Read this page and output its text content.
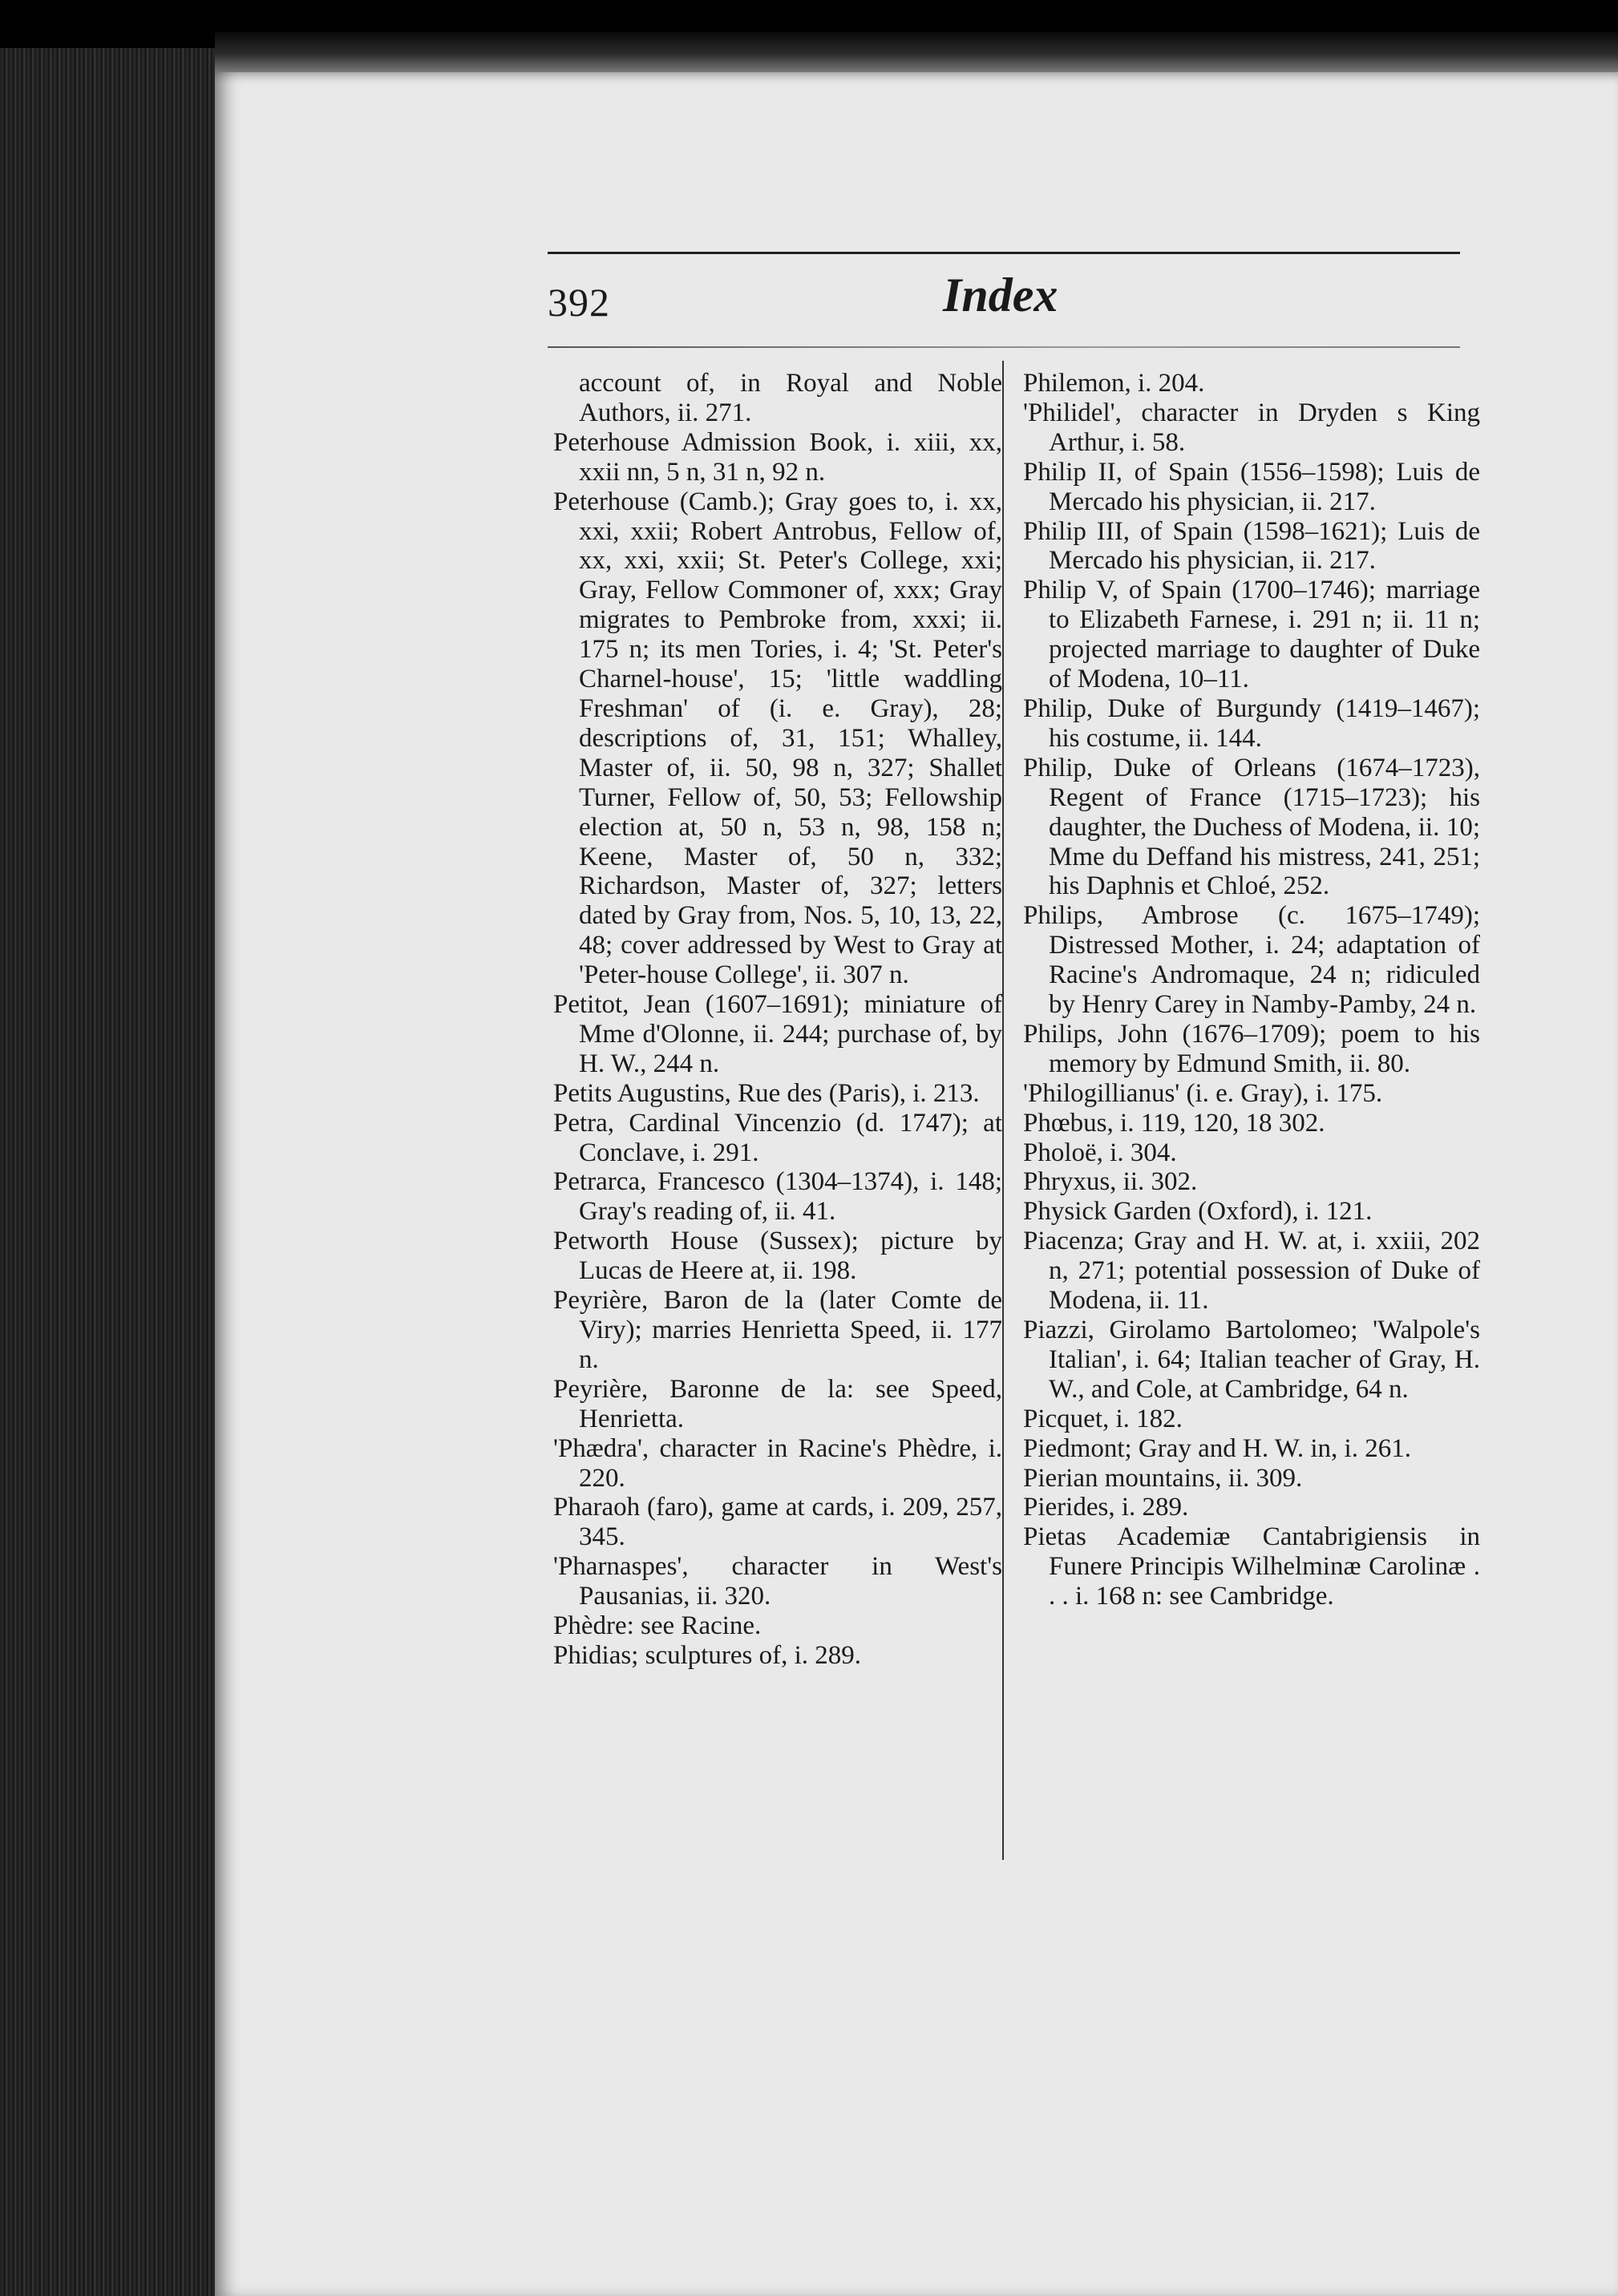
392	Index

account of, in Royal and Noble Authors, ii. 271.

Peterhouse Admission Book, i. xiii, xx, xxii nn, 5 n, 31 n, 92 n.

Peterhouse (Camb.); Gray goes to, i. xx, xxi, xxii; Robert Antrobus, Fellow of, xx, xxi, xxii; St. Peter's College, xxi; Gray, Fellow Commoner of, xxx; Gray migrates to Pembroke from, xxxi; ii. 175 n; its men Tories, i. 4; 'St. Peter's Charnel-house', 15; 'little waddling Freshman' of (i. e. Gray), 28; descriptions of, 31, 151; Whalley, Master of, ii. 50, 98 n, 327; Shallet Turner, Fellow of, 50, 53; Fellowship election at, 50 n, 53 n, 98, 158 n; Keene, Master of, 50 n, 332; Richardson, Master of, 327; letters dated by Gray from, Nos. 5, 10, 13, 22, 48; cover addressed by West to Gray at 'Peter-house College', ii. 307 n.

Petitot, Jean (1607–1691); miniature of Mme d'Olonne, ii. 244; purchase of, by H. W., 244 n.

Petits Augustins, Rue des (Paris), i. 213.

Petra, Cardinal Vincenzio (d. 1747); at Conclave, i. 291.

Petrarca, Francesco (1304–1374), i. 148; Gray's reading of, ii. 41.

Petworth House (Sussex); picture by Lucas de Heere at, ii. 198.

Peyrière, Baron de la (later Comte de Viry); marries Henrietta Speed, ii. 177 n.

Peyrière, Baronne de la: see Speed, Henrietta.

'Phædra', character in Racine's Phèdre, i. 220.

Pharaoh (faro), game at cards, i. 209, 257, 345.

'Pharnaspes', character in West's Pausanias, ii. 320.

Phèdre: see Racine.

Phidias; sculptures of, i. 289.

Philemon, i. 204.

'Philidel', character in Dryden s King Arthur, i. 58.

Philip II, of Spain (1556–1598); Luis de Mercado his physician, ii. 217.

Philip III, of Spain (1598–1621); Luis de Mercado his physician, ii. 217.

Philip V, of Spain (1700–1746); marriage to Elizabeth Farnese, i. 291 n; ii. 11 n; projected marriage to daughter of Duke of Modena, 10–11.

Philip, Duke of Burgundy (1419–1467); his costume, ii. 144.

Philip, Duke of Orleans (1674–1723), Regent of France (1715–1723); his daughter, the Duchess of Modena, ii. 10; Mme du Deffand his mistress, 241, 251; his Daphnis et Chloé, 252.

Philips, Ambrose (c. 1675–1749); Distressed Mother, i. 24; adaptation of Racine's Andromaque, 24 n; ridiculed by Henry Carey in Namby-Pamby, 24 n.

Philips, John (1676–1709); poem to his memory by Edmund Smith, ii. 80.

'Philogillianus' (i. e. Gray), i. 175.

Phœbus, i. 119, 120, 18 302.

Pholoë, i. 304.

Phryxus, ii. 302.

Physick Garden (Oxford), i. 121.

Piacenza; Gray and H. W. at, i. xxiii, 202 n, 271; potential possession of Duke of Modena, ii. 11.

Piazzi, Girolamo Bartolomeo; 'Walpole's Italian', i. 64; Italian teacher of Gray, H. W., and Cole, at Cambridge, 64 n.

Picquet, i. 182.

Piedmont; Gray and H. W. in, i. 261.

Pierian mountains, ii. 309.

Pierides, i. 289.

Pietas Academiæ Cantabrigiensis in Funere Principis Wilhelminæ Carolinæ . . . i. 168 n: see Cambridge.
